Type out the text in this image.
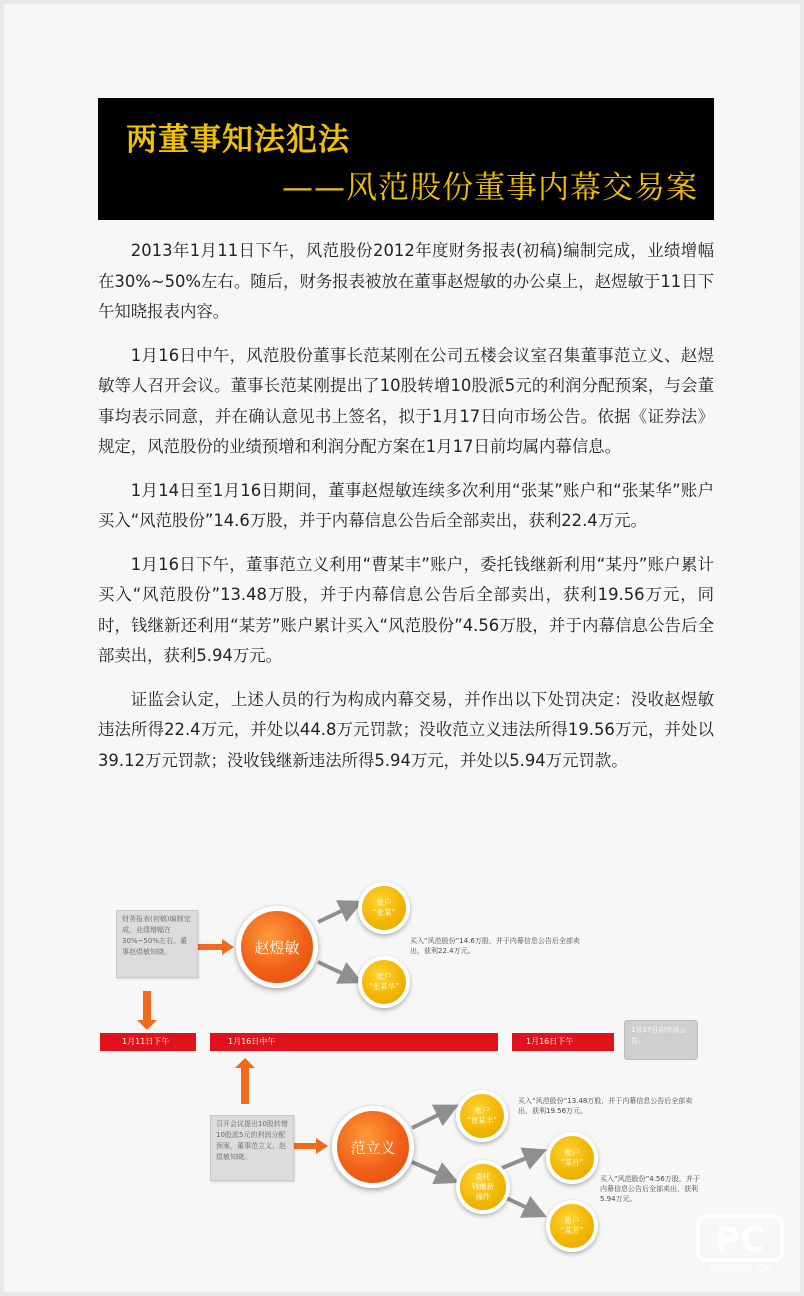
两董事知法犯法
——风范股份董事内幕交易案

2013年1月11日下午，风范股份2012年度财务报表(初稿)编制完成，业绩增幅在30%~50%左右。随后，财务报表被放在董事赵煜敏的办公桌上，赵煜敏于11日下午知晓报表内容。

1月16日中午，风范股份董事长范某刚在公司五楼会议室召集董事范立义、赵煜敏等人召开会议。董事长范某刚提出了10股转增10股派5元的利润分配预案，与会董事均表示同意，并在确认意见书上签名，拟于1月17日向市场公告。依据《证券法》规定，风范股份的业绩预增和利润分配方案在1月17日前均属内幕信息。

1月14日至1月16日期间，董事赵煜敏连续多次利用“张某”账户和“张某华”账户买入“风范股份”14.6万股，并于内幕信息公告后全部卖出，获利22.4万元。

1月16日下午，董事范立义利用“曹某丰”账户，委托钱继新利用“某丹”账户累计买入“风范股份”13.48万股，并于内幕信息公告后全部卖出，获利19.56万元，同时，钱继新还利用“某芳”账户累计买入“风范股份”4.56万股，并于内幕信息公告后全部卖出，获利5.94万元。

证监会认定，上述人员的行为构成内幕交易，并作出以下处罚决定：没收赵煜敏违法所得22.4万元，并处以44.8万元罚款；没收范立义违法所得19.56万元，并处以39.12万元罚款；没收钱继新违法所得5.94万元，并处以5.94万元罚款。

财务报表(初稿)编制完成，业绩增幅在30%~50%左右。董事赵煜敏知晓。
1月11日下午	1月16日中午	1月16日下午
1月17日向市场公告。
赵煜敏
账户
“张某”
账户
“张某华”
买入“风范股份”14.6万股，并于内幕信息公告后全部卖出，获利22.4万元。
召开会议提出10股转增10股派5元的利润分配预案，董事范立义、赵煜敏知晓。
范立义
账户
“曹某丰”
买入“风范股份”13.48万股，并于内幕信息公告后全部卖出，获利19.56万元。
委托
钱继新
操作
账户
“某丹”
账户
“某芳”
买入“风范股份”4.56万股，并于内幕信息公告后全部卖出，获利5.94万元。
PC
PHPCMS.CN
